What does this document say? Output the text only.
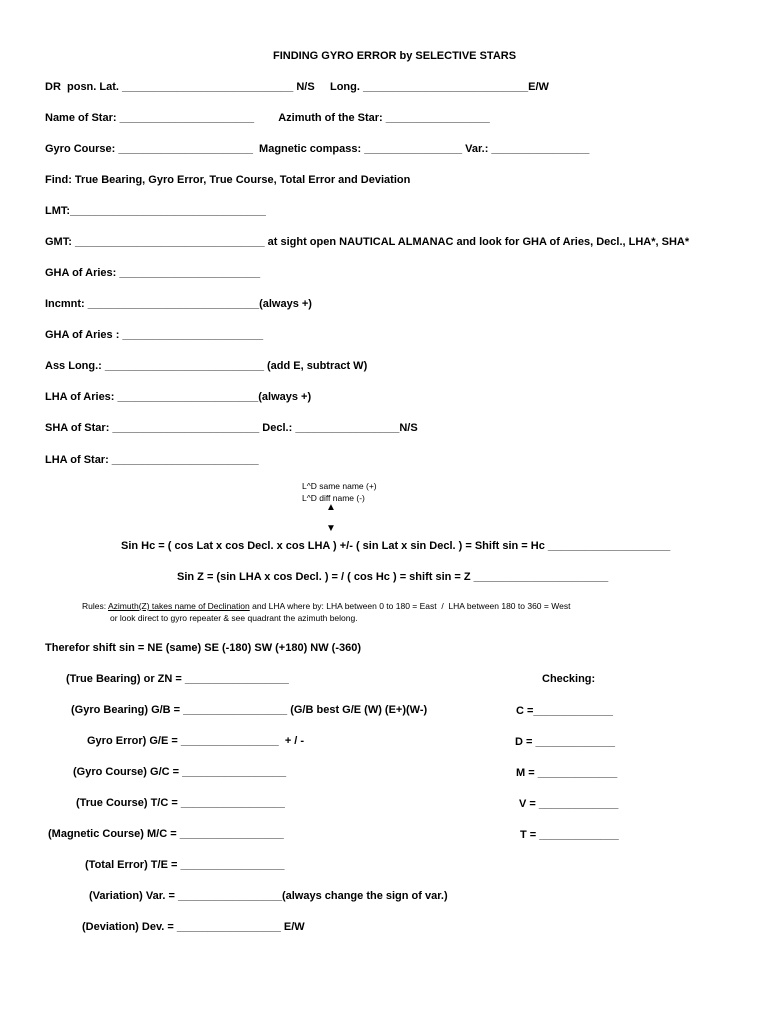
FINDING GYRO ERROR by SELECTIVE STARS
DR  posn. Lat. ____________________________ N/S     Long. ___________________________E/W
Name of Star: ______________________        Azimuth of the Star: _________________
Gyro Course: ______________________  Magnetic compass: ________________ Var.: ________________
Find: True Bearing, Gyro Error, True Course, Total Error and Deviation
LMT:________________________________
GMT: _______________________________ at sight open NAUTICAL ALMANAC and look for GHA of Aries, Decl., LHA*, SHA*
GHA of Aries: _______________________
Incmnt: ____________________________(always +)
GHA of Aries : _______________________
Ass Long.: __________________________ (add E, subtract W)
LHA of Aries: _______________________(always +)
SHA of Star: ________________________ Decl.: _________________N/S
LHA of Star: ________________________
L^D same name (+)
L^D diff name (-)
▲
▼
Sin Hc = ( cos Lat x cos Decl. x cos LHA ) +/- ( sin Lat x sin Decl. ) = Shift sin = Hc ____________________
Sin Z = (sin LHA x cos Decl. ) = / ( cos Hc ) = shift sin = Z ______________________
Rules: Azimuth(Z) takes name of Declination and LHA where by: LHA between 0 to 180 = East  /  LHA between 180 to 360 = West
or look direct to gyro repeater & see quadrant the azimuth belong.
Therefor shift sin = NE (same) SE (-180) SW (+180) NW (-360)
(True Bearing) or ZN = _________________
(Gyro Bearing) G/B = _________________ (G/B best G/E (W) (E+)(W-)
Gyro Error) G/E = ________________  + / -
(Gyro Course) G/C = _________________
(True Course) T/C = _________________
(Magnetic Course) M/C = _________________
(Total Error) T/E = _________________
(Variation) Var. = _________________(always change the sign of var.)
(Deviation) Dev. = _________________ E/W
Checking:
C =_____________
D = _____________
M = _____________
V = _____________
T = _____________
